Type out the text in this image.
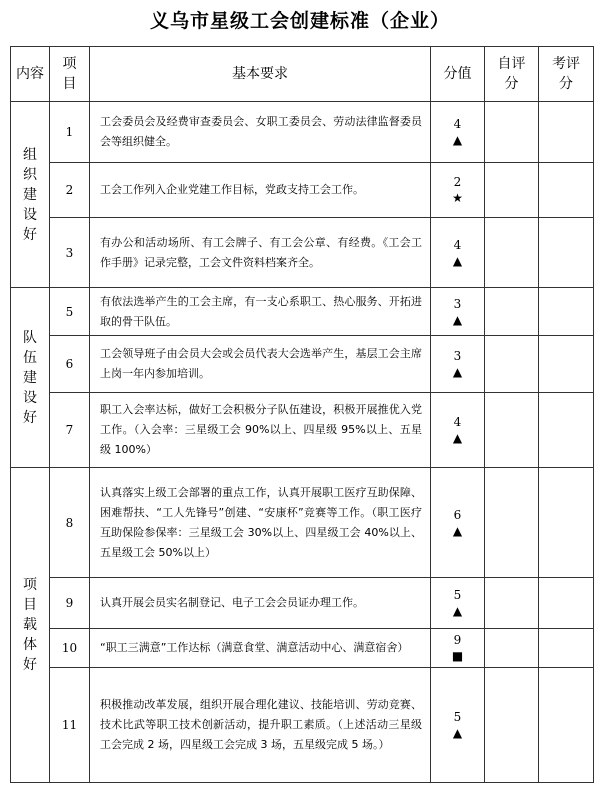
义乌市星级工会创建标准（企业）
内容	项目	基本要求	分值	自评分	考评分
组织建设好	1	工会委员会及经费审查委员会、女职工委员会、劳动法律监督委员会等组织健全。	4
▲		

	2	工会工作列入企业党建工作目标，党政支持工会工作。	2
★		

	3	有办公和活动场所、有工会牌子、有工会公章、有经费。《工会工作手册》记录完整，工会文件资料档案齐全。	4
▲		

队伍建设好	5	有依法选举产生的工会主席，有一支心系职工、热心服务、开拓进取的骨干队伍。	3
▲		

	6	工会领导班子由会员大会或会员代表大会选举产生，基层工会主席上岗一年内参加培训。	3
▲		

	7	职工入会率达标，做好工会积极分子队伍建设，积极开展推优入党工作。（入会率：三星级工会 90%以上、四星级 95%以上、五星级 100%）	4
▲		

项目载体好	8	认真落实上级工会部署的重点工作，认真开展职工医疗互助保障、困难帮扶、“工人先锋号”创建、“安康杯”竞赛等工作。（职工医疗互助保险参保率：三星级工会 30%以上、四星级工会 40%以上、五星级工会 50%以上）	6
▲		

	9	认真开展会员实名制登记、电子工会会员证办理工作。	5
▲		

	10	“职工三满意”工作达标（满意食堂、满意活动中心、满意宿舍）	9
■		

	11	积极推动改革发展，组织开展合理化建议、技能培训、劳动竞赛、技术比武等职工技术创新活动，提升职工素质。（上述活动三星级工会完成 2 场，四星级工会完成 3 场，五星级完成 5 场。）	5
▲		
